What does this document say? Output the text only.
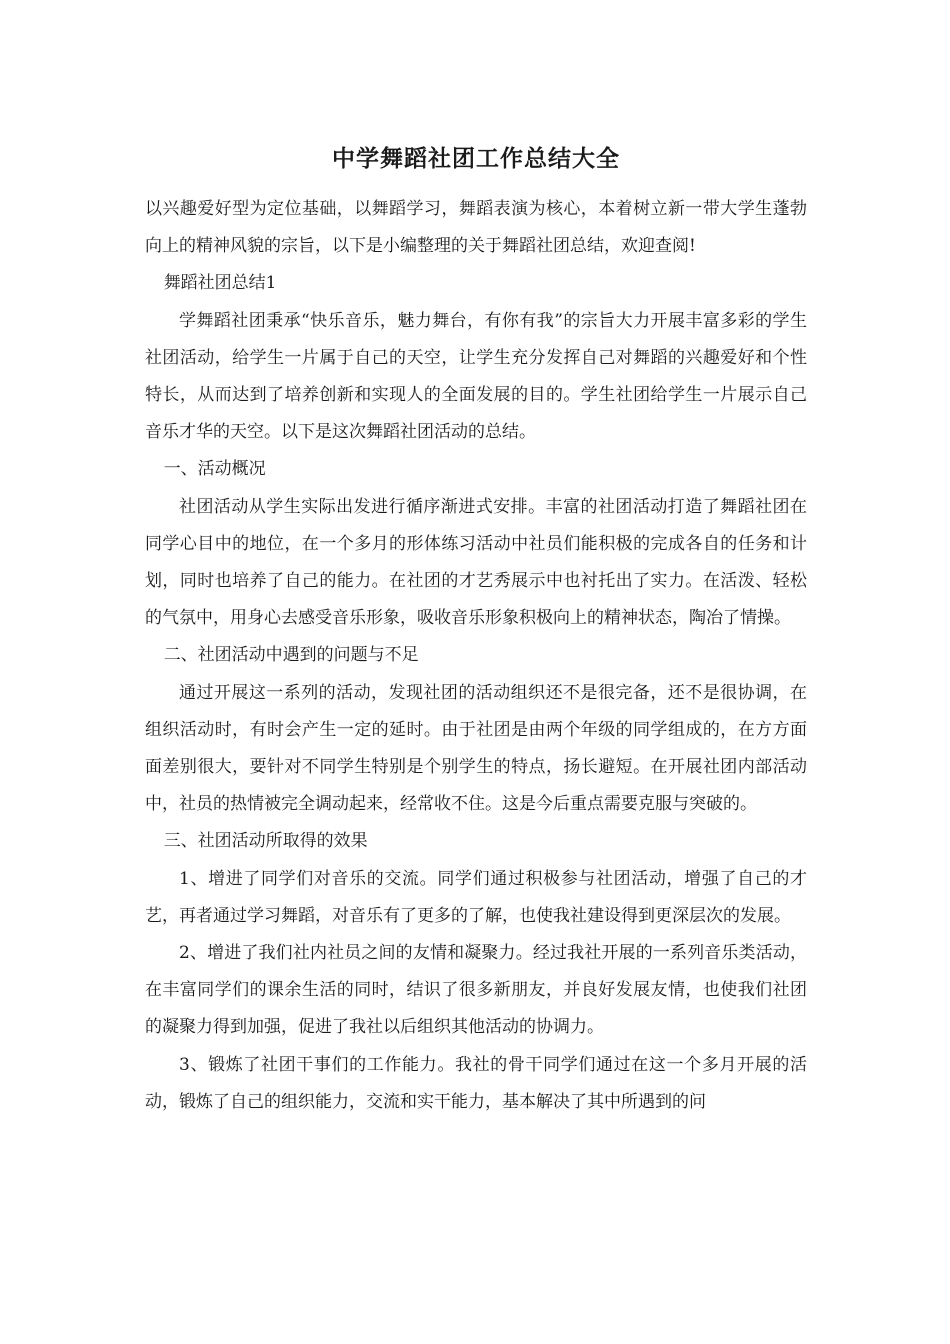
中学舞蹈社团工作总结大全

以兴趣爱好型为定位基础，以舞蹈学习，舞蹈表演为核心，本着树立新一带大学生蓬勃向上的精神风貌的宗旨，以下是小编整理的关于舞蹈社团总结，欢迎查阅!

舞蹈社团总结1

学舞蹈社团秉承“快乐音乐，魅力舞台，有你有我”的宗旨大力开展丰富多彩的学生社团活动，给学生一片属于自己的天空，让学生充分发挥自己对舞蹈的兴趣爱好和个性特长，从而达到了培养创新和实现人的全面发展的目的。学生社团给学生一片展示自己音乐才华的天空。以下是这次舞蹈社团活动的总结。

一、活动概况

社团活动从学生实际出发进行循序渐进式安排。丰富的社团活动打造了舞蹈社团在同学心目中的地位，在一个多月的形体练习活动中社员们能积极的完成各自的任务和计划，同时也培养了自己的能力。在社团的才艺秀展示中也衬托出了实力。在活泼、轻松的气氛中，用身心去感受音乐形象，吸收音乐形象积极向上的精神状态，陶冶了情操。

二、社团活动中遇到的问题与不足

通过开展这一系列的活动，发现社团的活动组织还不是很完备，还不是很协调，在组织活动时，有时会产生一定的延时。由于社团是由两个年级的同学组成的，在方方面面差别很大，要针对不同学生特别是个别学生的特点，扬长避短。在开展社团内部活动中，社员的热情被完全调动起来，经常收不住。这是今后重点需要克服与突破的。

三、社团活动所取得的效果

1、增进了同学们对音乐的交流。同学们通过积极参与社团活动，增强了自己的才艺，再者通过学习舞蹈，对音乐有了更多的了解，也使我社建设得到更深层次的发展。

2、增进了我们社内社员之间的友情和凝聚力。经过我社开展的一系列音乐类活动，在丰富同学们的课余生活的同时，结识了很多新朋友，并良好发展友情，也使我们社团的凝聚力得到加强，促进了我社以后组织其他活动的协调力。

3、锻炼了社团干事们的工作能力。我社的骨干同学们通过在这一个多月开展的活动，锻炼了自己的组织能力，交流和实干能力，基本解决了其中所遇到的问
